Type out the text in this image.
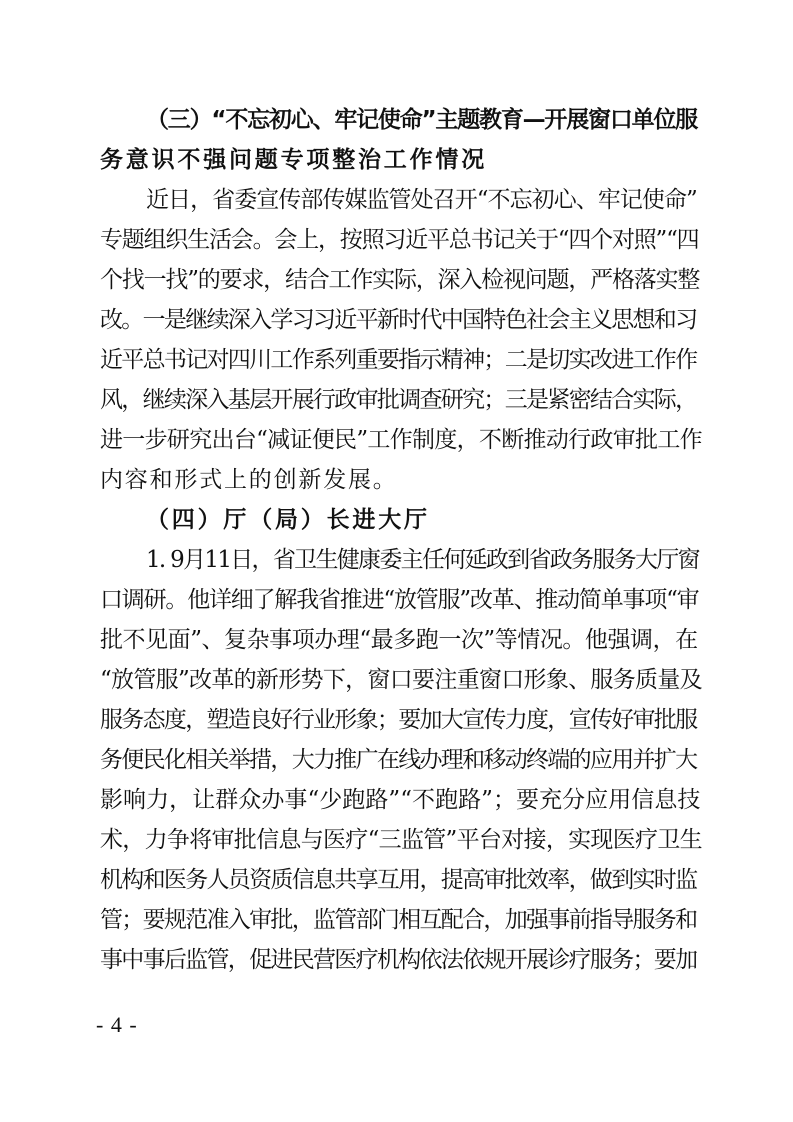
（三）“不忘初心、牢记使命”主题教育—开展窗口单位服
务意识不强问题专项整治工作情况
近日，省委宣传部传媒监管处召开“不忘初心、牢记使命”
专题组织生活会。会上，按照习近平总书记关于“四个对照”“四
个找一找”的要求，结合工作实际，深入检视问题，严格落实整
改。一是继续深入学习习近平新时代中国特色社会主义思想和习
近平总书记对四川工作系列重要指示精神；二是切实改进工作作
风，继续深入基层开展行政审批调查研究；三是紧密结合实际，
进一步研究出台“减证便民”工作制度，不断推动行政审批工作
内容和形式上的创新发展。
（四）厅（局）长进大厅
1. 9月11日，省卫生健康委主任何延政到省政务服务大厅窗
口调研。他详细了解我省推进“放管服”改革、推动简单事项“审
批不见面”、复杂事项办理“最多跑一次”等情况。他强调，在
“放管服”改革的新形势下，窗口要注重窗口形象、服务质量及
服务态度，塑造良好行业形象；要加大宣传力度，宣传好审批服
务便民化相关举措，大力推广在线办理和移动终端的应用并扩大
影响力，让群众办事“少跑路”“不跑路”；要充分应用信息技
术，力争将审批信息与医疗“三监管”平台对接，实现医疗卫生
机构和医务人员资质信息共享互用，提高审批效率，做到实时监
管；要规范准入审批，监管部门相互配合，加强事前指导服务和
事中事后监管，促进民营医疗机构依法依规开展诊疗服务；要加
- 4 -
